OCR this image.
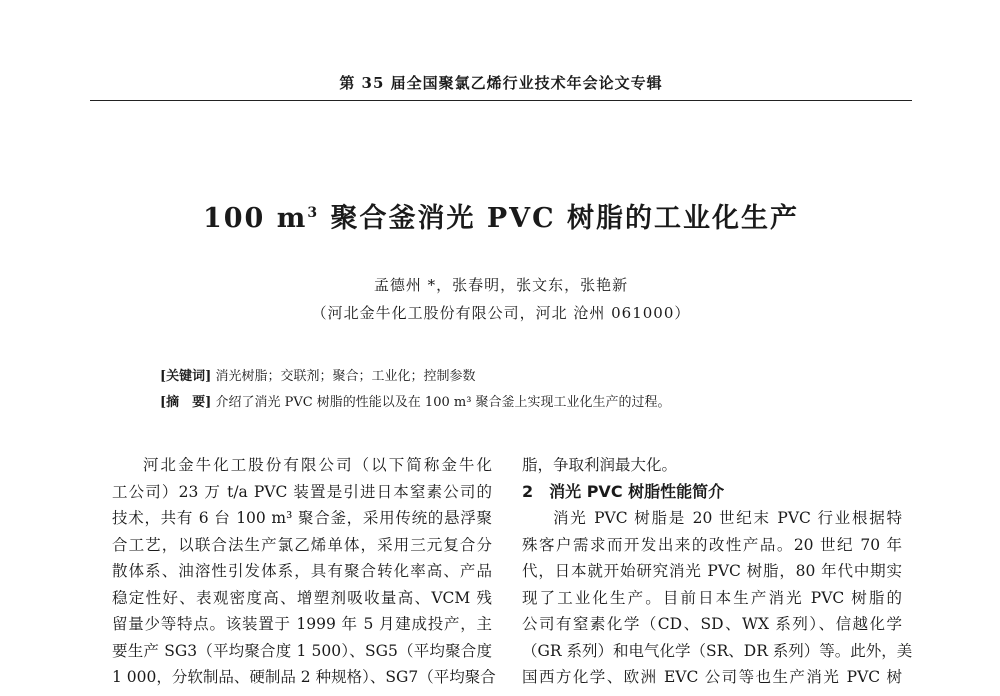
第 35 届全国聚氯乙烯行业技术年会论文专辑
100 $m^3$ 聚合釜消光 PVC 树脂的工业化生产
孟德州 *，张春明，张文东，张艳新
（河北金牛化工股份有限公司，河北 沧州 061000）
[关键词] 消光树脂；交联剂；聚合；工业化；控制参数
[摘　要] 介绍了消光 PVC 树脂的性能以及在 100 m³ 聚合釜上实现工业化生产的过程。
河北金牛化工股份有限公司（以下简称金牛化
工公司）23 万 t/a PVC 装置是引进日本窒素公司的
技术，共有 6 台 100 m³ 聚合釜，采用传统的悬浮聚
合工艺，以联合法生产氯乙烯单体，采用三元复合分
散体系、油溶性引发体系，具有聚合转化率高、产品
稳定性好、表观密度高、增塑剂吸收量高、VCM 残
留量少等特点。该装置于 1999 年 5 月建成投产，主
要生产 SG3（平均聚合度 1 500）、SG5（平均聚合度
1 000，分软制品、硬制品 2 种规格）、SG7（平均聚合
脂，争取利润最大化。
2　消光 PVC 树脂性能简介
消光 PVC 树脂是 20 世纪末 PVC 行业根据特
殊客户需求而开发出来的改性产品。20 世纪 70 年
代，日本就开始研究消光 PVC 树脂，80 年代中期实
现了工业化生产。目前日本生产消光 PVC 树脂的
公司有窒素化学（CD、SD、WX 系列）、信越化学
（GR 系列）和电气化学（SR、DR 系列）等。此外，美
国西方化学、欧洲 EVC 公司等也生产消光 PVC 树
